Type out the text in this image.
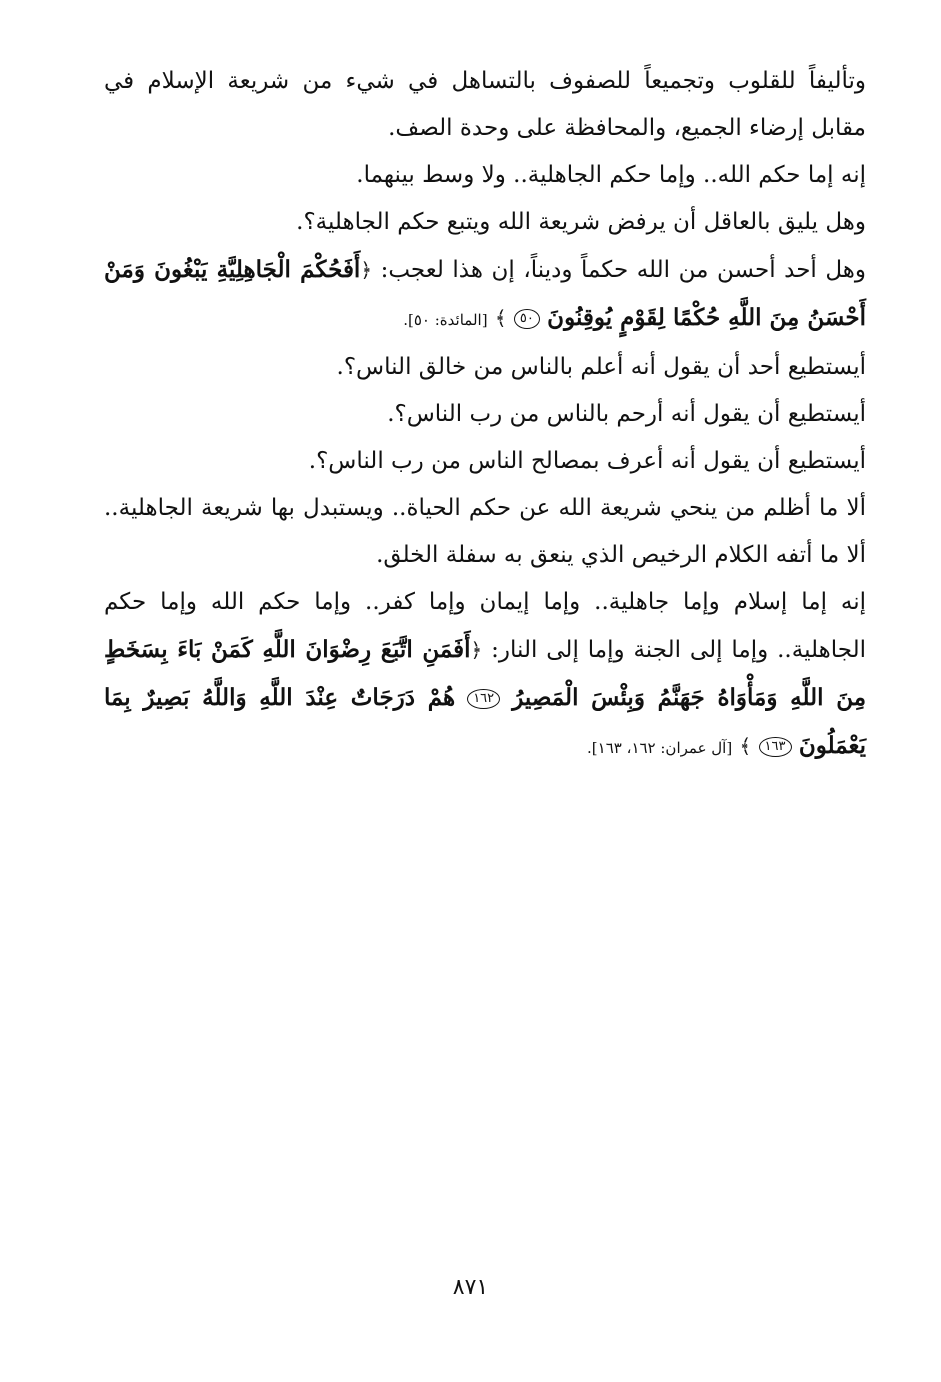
وتأليفاً للقلوب وتجميعاً للصفوف بالتساهل في شيء من شريعة الإسلام في مقابل إرضاء الجميع، والمحافظة على وحدة الصف.

إنه إما حكم الله.. وإما حكم الجاهلية.. ولا وسط بينهما.

وهل يليق بالعاقل أن يرفض شريعة الله ويتبع حكم الجاهلية؟.

وهل أحد أحسن من الله حكماً وديناً، إن هذا لعجب: ﴿أَفَحُكْمَ الْجَاهِلِيَّةِ يَبْغُونَ وَمَنْ أَحْسَنُ مِنَ اللَّهِ حُكْمًا لِقَوْمٍ يُوقِنُونَ ٥٠ ﴾ [المائدة: ٥٠].

أيستطيع أحد أن يقول أنه أعلم بالناس من خالق الناس؟.

أيستطيع أن يقول أنه أرحم بالناس من رب الناس؟.

أيستطيع أن يقول أنه أعرف بمصالح الناس من رب الناس؟.

ألا ما أظلم من ينحي شريعة الله عن حكم الحياة.. ويستبدل بها شريعة الجاهلية.. ألا ما أتفه الكلام الرخيص الذي ينعق به سفلة الخلق.

إنه إما إسلام وإما جاهلية.. وإما إيمان وإما كفر.. وإما حكم الله وإما حكم الجاهلية.. وإما إلى الجنة وإما إلى النار: ﴿أَفَمَنِ اتَّبَعَ رِضْوَانَ اللَّهِ كَمَنْ بَاءَ بِسَخَطٍ مِنَ اللَّهِ وَمَأْوَاهُ جَهَنَّمُ وَبِئْسَ الْمَصِيرُ ١٦٢ هُمْ دَرَجَاتٌ عِنْدَ اللَّهِ وَاللَّهُ بَصِيرٌ بِمَا يَعْمَلُونَ ١٦٣ ﴾ [آل عمران: ١٦٢، ١٦٣].

٨٧١
